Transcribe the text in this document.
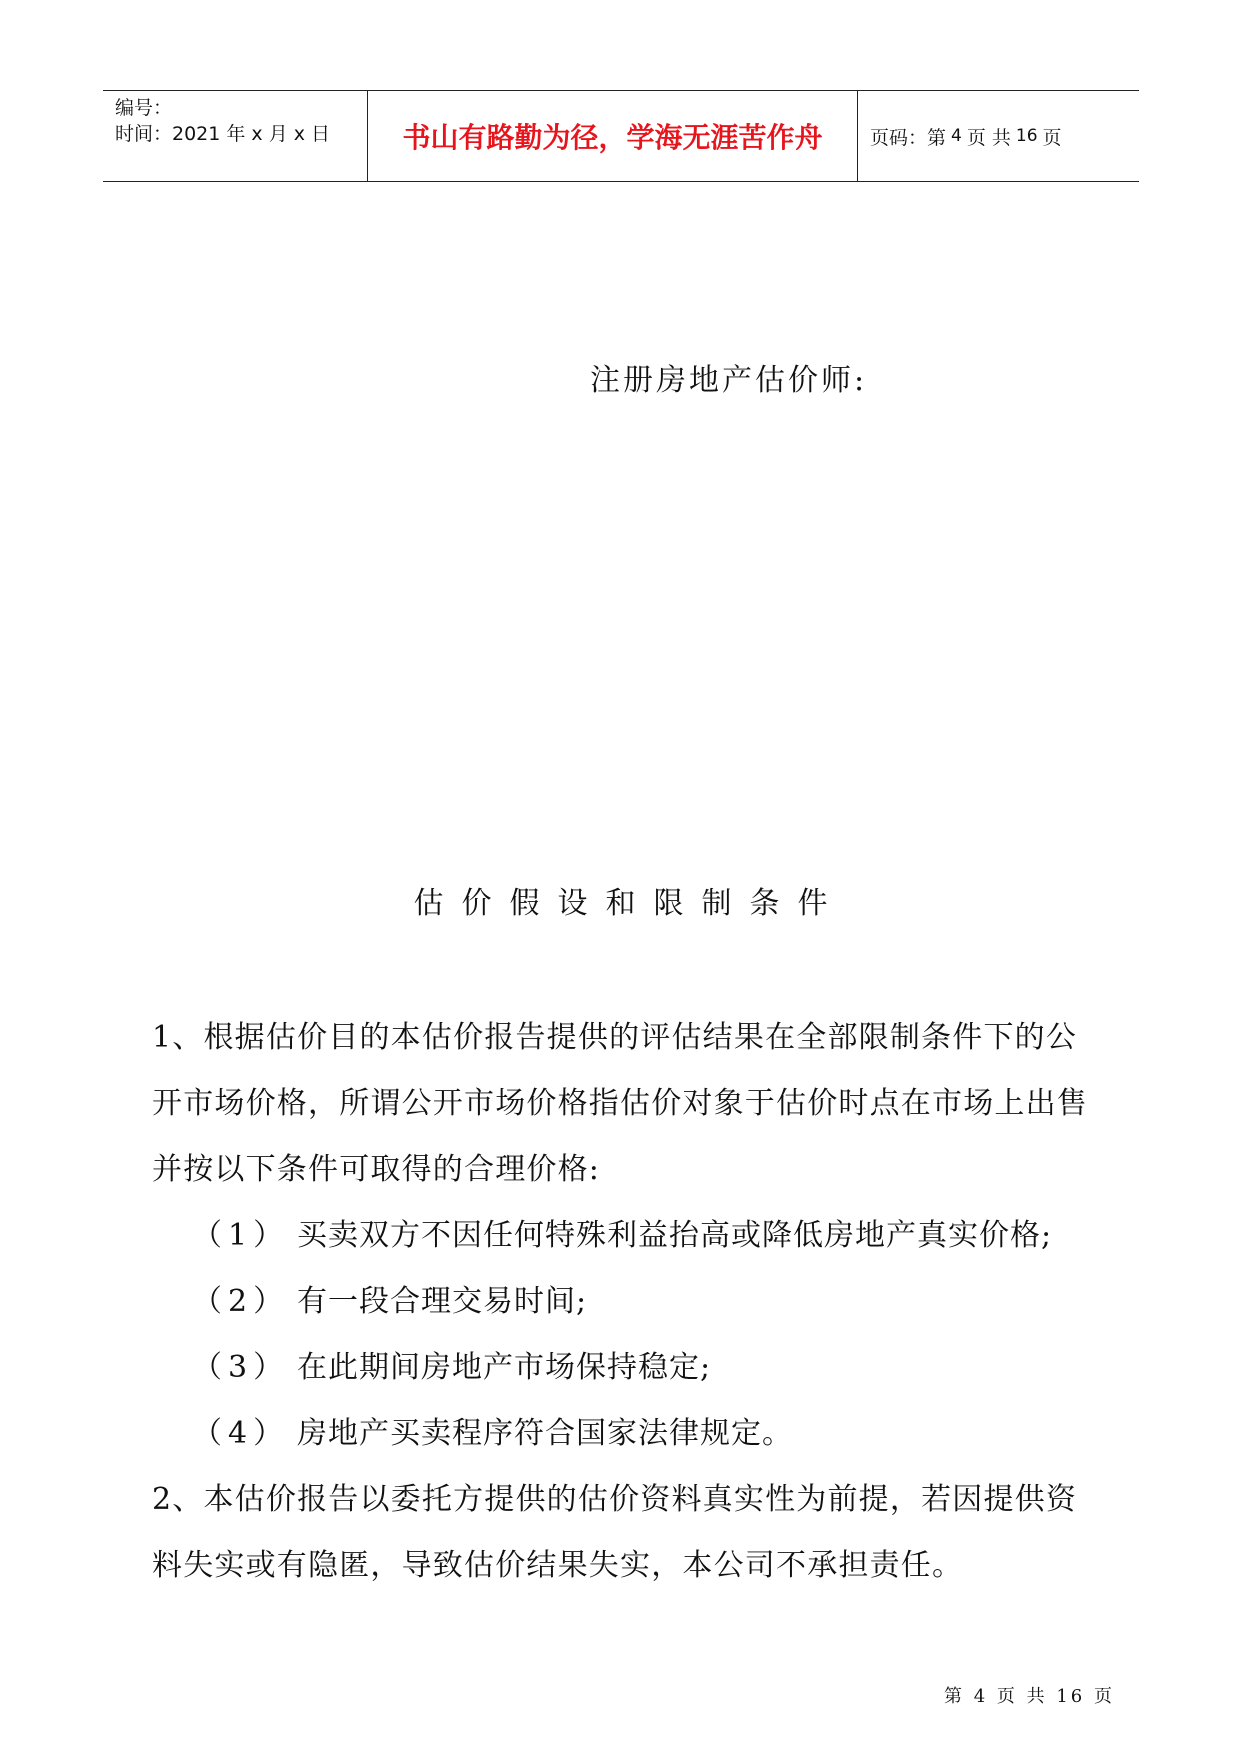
编号：
时间：2021 年 x 月 x 日	书山有路勤为径，学海无涯苦作舟	页码：第 4 页 共 16 页
注册房地产估价师:
估价假设和限制条件
1、根据估价目的本估价报告提供的评估结果在全部限制条件下的公开市场价格，所谓公开市场价格指估价对象于估价时点在市场上出售并按以下条件可取得的合理价格:
（1） 买卖双方不因任何特殊利益抬高或降低房地产真实价格;
（2） 有一段合理交易时间;
（3） 在此期间房地产市场保持稳定;
（4） 房地产买卖程序符合国家法律规定。
2、本估价报告以委托方提供的估价资料真实性为前提，若因提供资料失实或有隐匿，导致估价结果失实，本公司不承担责任。
第 4 页 共 16 页
